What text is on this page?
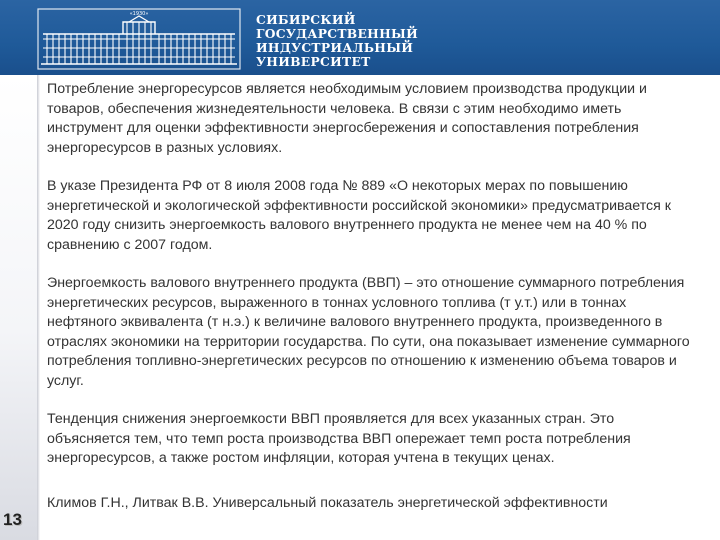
«1930»	СИБИРСКИЙ
ГОСУДАРСТВЕННЫЙ
ИНДУСТРИАЛЬНЫЙ
УНИВЕРСИТЕТ
13

Потребление энергоресурсов является необходимым условием производства продукции и товаров, обеспечения жизнедеятельности человека. В связи с этим необходимо иметь инструмент для оценки эффективности энергосбережения и сопоставления потребления энергоресурсов в разных условиях.

В указе Президента РФ от 8 июля 2008 года № 889 «О некоторых мерах по повышению энергетической и экологической эффективности российской экономики» предусматривается к 2020 году снизить энергоемкость валового внутреннего продукта не менее чем на 40 % по сравнению с 2007 годом.

Энергоемкость валового внутреннего продукта (ВВП) – это отношение суммарного потребления энергетических ресурсов, выраженного в тоннах условного топлива (т у.т.) или в тоннах нефтяного эквивалента (т н.э.) к величине валового внутреннего продукта, произведенного в отраслях экономики на территории государства. По сути, она показывает изменение суммарного потребления топливно-энергетических ресурсов по отношению к изменению объема товаров и услуг.

Тенденция снижения энергоемкости ВВП проявляется для всех указанных стран. Это объясняется тем, что темп роста производства ВВП опережает темп роста потребления энергоресурсов, а также ростом инфляции, которая учтена в текущих ценах.

Климов Г.Н., Литвак В.В. Универсальный показатель энергетической эффективности
